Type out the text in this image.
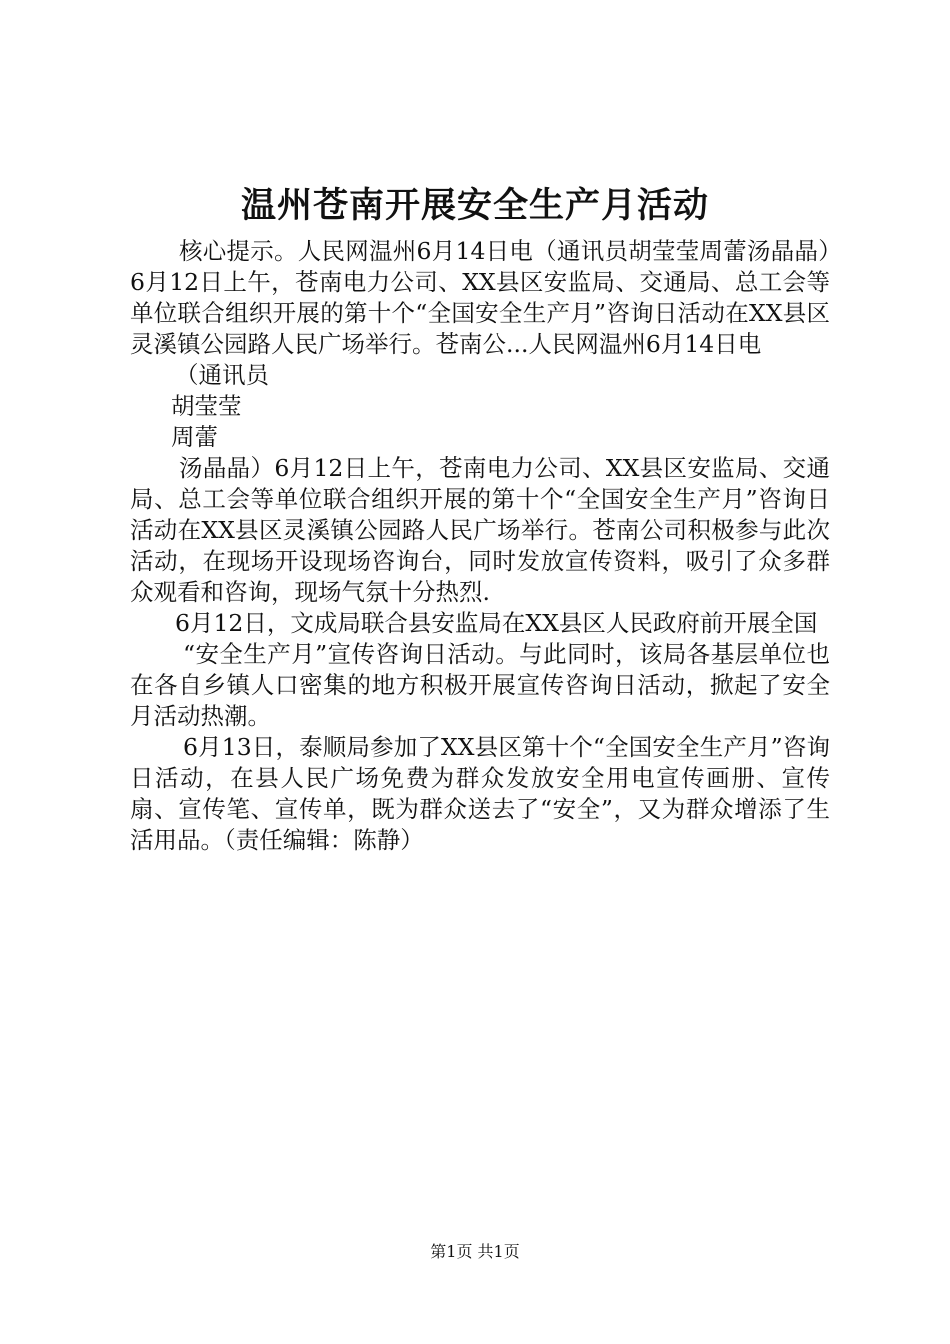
温州苍南开展安全生产月活动

核心提示。人民网温州6月14日电（通讯员胡莹莹周蕾汤晶晶）6月12日上午，苍南电力公司、XX县区安监局、交通局、总工会等单位联合组织开展的第十个“全国安全生产月”咨询日活动在XX县区灵溪镇公园路人民广场举行。苍南公...人民网温州6月14日电

（通讯员

胡莹莹

周蕾

汤晶晶）6月12日上午，苍南电力公司、XX县区安监局、交通局、总工会等单位联合组织开展的第十个“全国安全生产月”咨询日活动在XX县区灵溪镇公园路人民广场举行。苍南公司积极参与此次活动，在现场开设现场咨询台，同时发放宣传资料，吸引了众多群众观看和咨询，现场气氛十分热烈.

6月12日，文成局联合县安监局在XX县区人民政府前开展全国

“安全生产月”宣传咨询日活动。与此同时，该局各基层单位也在各自乡镇人口密集的地方积极开展宣传咨询日活动，掀起了安全月活动热潮。

6月13日，泰顺局参加了XX县区第十个“全国安全生产月”咨询日活动，在县人民广场免费为群众发放安全用电宣传画册、宣传扇、宣传笔、宣传单，既为群众送去了“安全”，又为群众增添了生活用品。（责任编辑：陈静）

第1页 共1页
